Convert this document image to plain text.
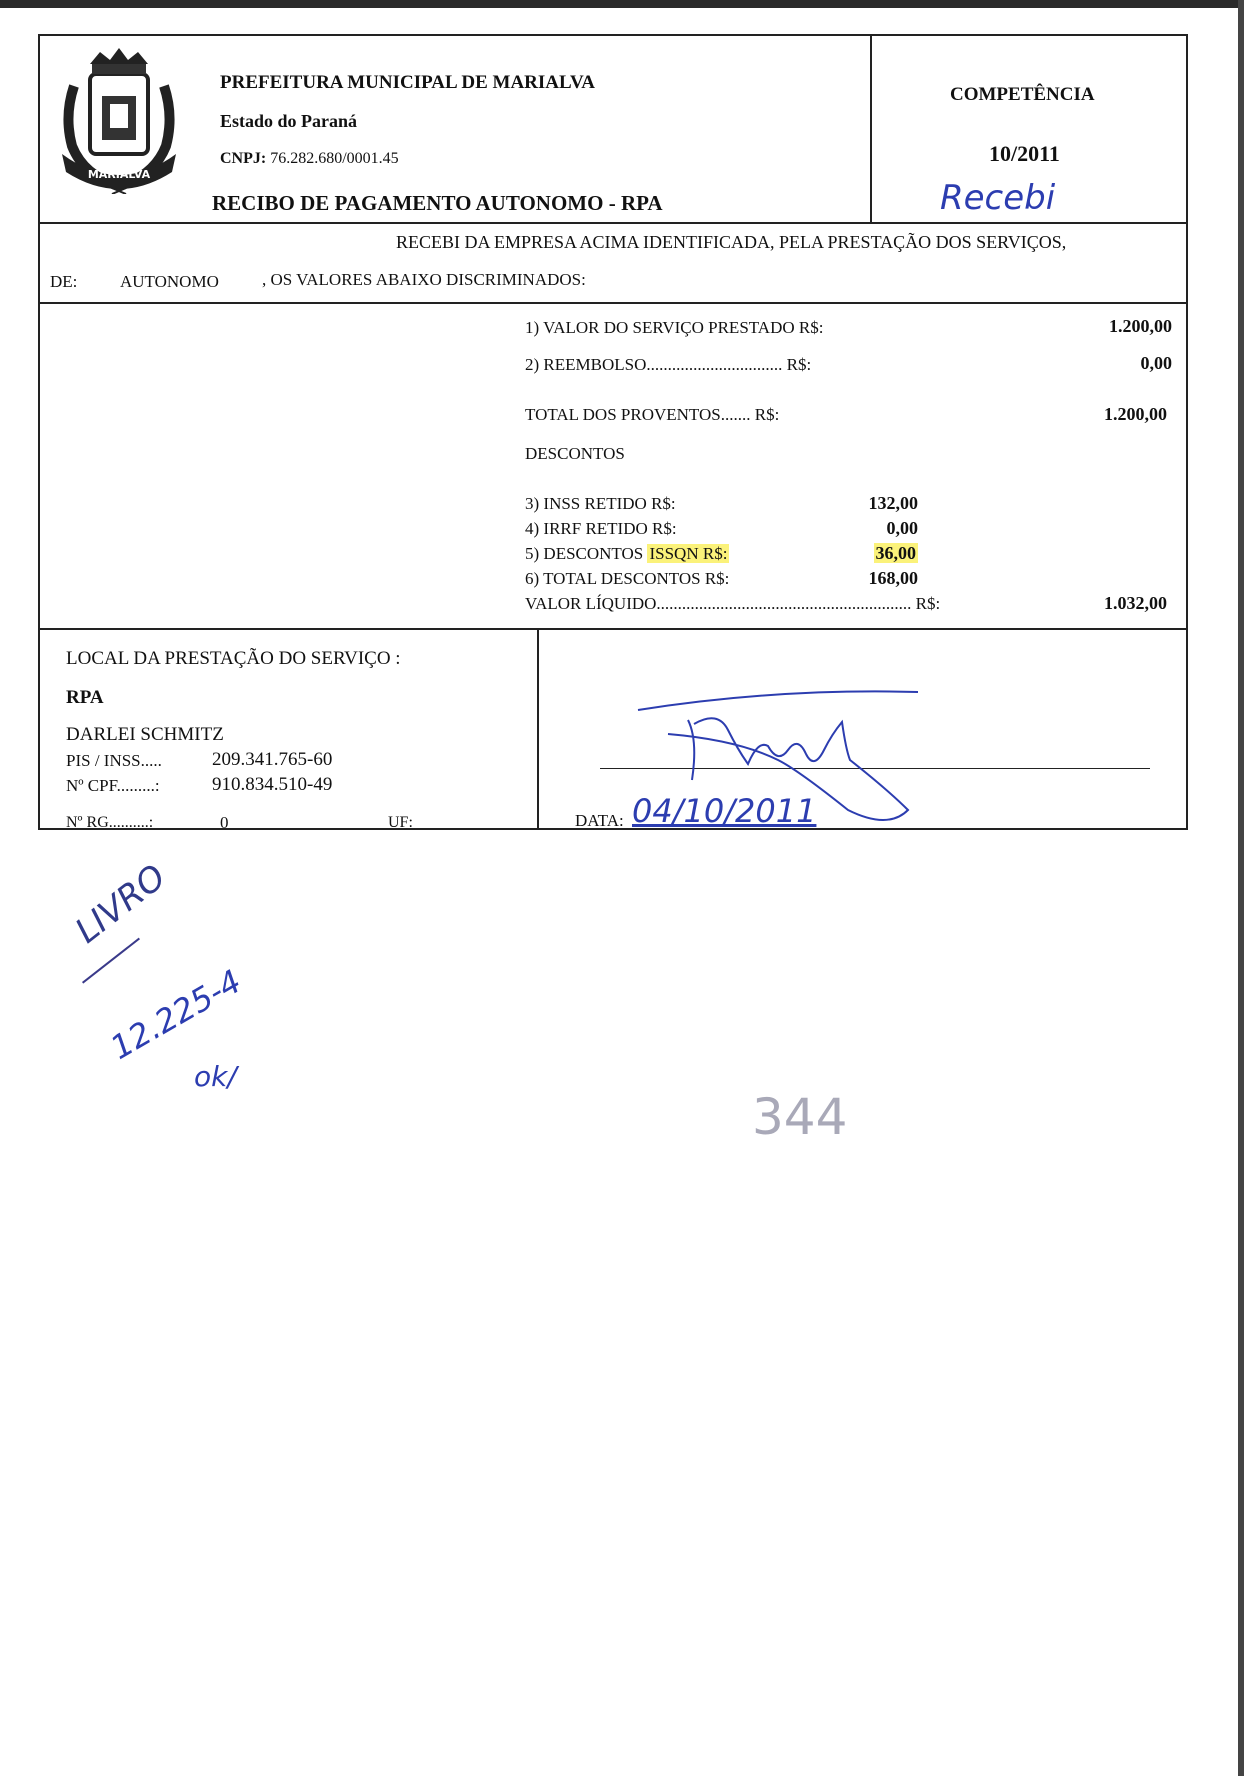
MARIALVA
PREFEITURA MUNICIPAL DE MARIALVA
Estado do Paraná
CNPJ: 76.282.680/0001.45
RECIBO DE PAGAMENTO AUTONOMO - RPA
COMPETÊNCIA
10/2011
Recebi
RECEBI DA EMPRESA ACIMA IDENTIFICADA, PELA PRESTAÇÃO DOS SERVIÇOS,
DE:	AUTONOMO	, OS VALORES ABAIXO DISCRIMINADOS:
1) VALOR DO SERVIÇO PRESTADO R$:	1.200,00
2) REEMBOLSO................................ R$:	0,00
TOTAL DOS PROVENTOS....... R$:	1.200,00
DESCONTOS
3) INSS RETIDO R$:	132,00
4) IRRF RETIDO R$:	0,00
5) DESCONTOS ISSQN R$:	36,00
6) TOTAL DESCONTOS R$:	168,00
VALOR LÍQUIDO............................................................ R$:	1.032,00
LOCAL DA PRESTAÇÃO DO SERVIÇO :
RPA
DARLEI SCHMITZ
PIS / INSS.....	209.341.765-60
Nº CPF.........:	910.834.510-49
Nº RG..........:	0	UF:	DATA: 04/10/2011
LIVRO
12.225-4
ok/
344
